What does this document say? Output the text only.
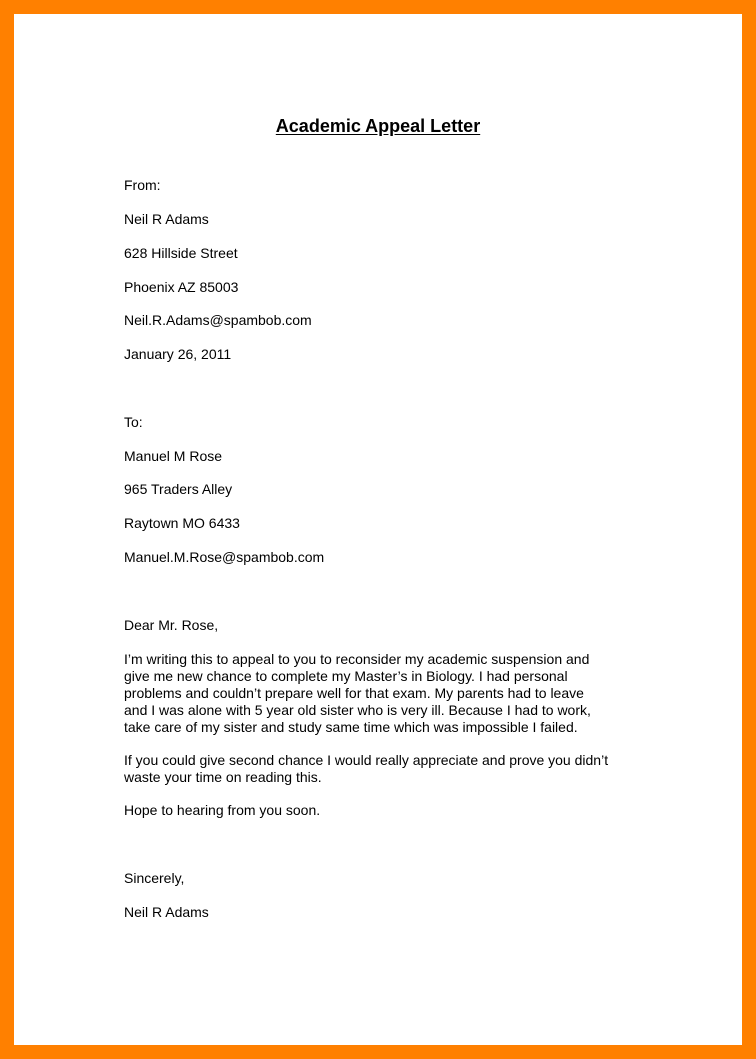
Academic Appeal Letter

From:

Neil R Adams

628 Hillside Street

Phoenix AZ 85003

Neil.R.Adams@spambob.com

January 26, 2011

To:

Manuel M Rose

965 Traders Alley

Raytown MO 6433

Manuel.M.Rose@spambob.com

Dear Mr. Rose,

I’m writing this to appeal to you to reconsider my academic suspension and
give me new chance to complete my Master’s in Biology. I had personal
problems and couldn’t prepare well for that exam. My parents had to leave
and I was alone with 5 year old sister who is very ill. Because I had to work,
take care of my sister and study same time which was impossible I failed.
If you could give second chance I would really appreciate and prove you didn’t
waste your time on reading this.

Hope to hearing from you soon.

Sincerely,

Neil R Adams
